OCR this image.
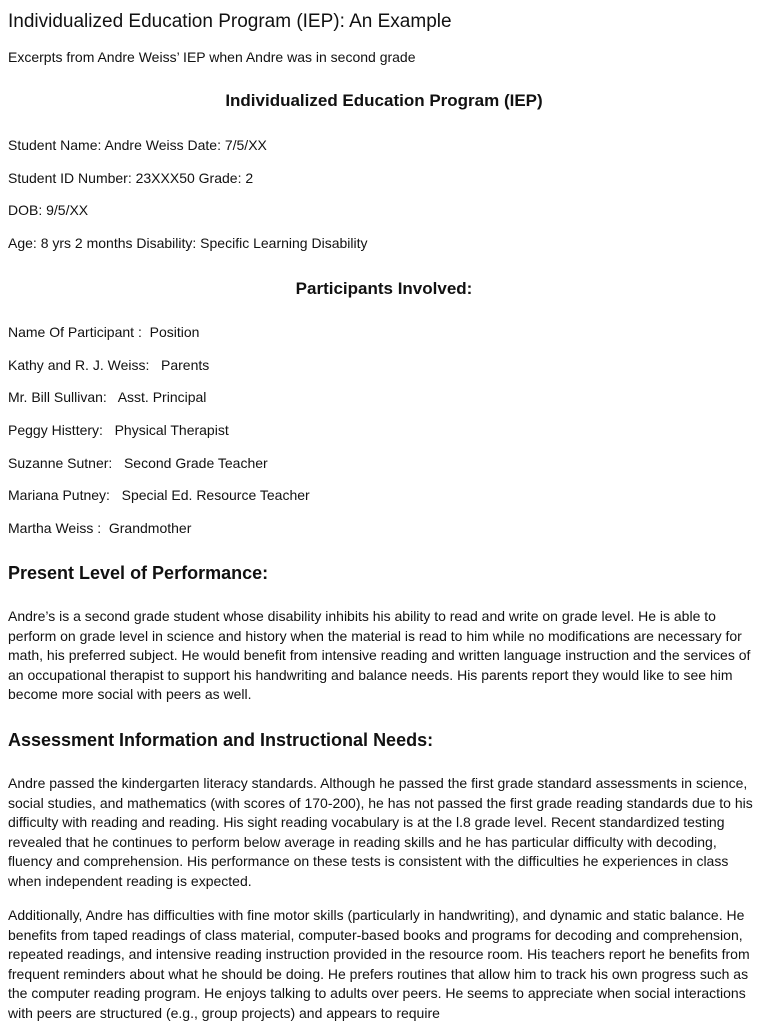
Individualized Education Program (IEP): An Example

Excerpts from Andre Weiss’ IEP when Andre was in second grade

Individualized Education Program (IEP)

Student Name: Andre Weiss Date: 7/5/XX

Student ID Number: 23XXX50 Grade: 2

DOB: 9/5/XX

Age: 8 yrs 2 months Disability: Specific Learning Disability

Participants Involved:

Name Of Participant :  Position

Kathy and R. J. Weiss:   Parents

Mr. Bill Sullivan:   Asst. Principal

Peggy Histtery:   Physical Therapist

Suzanne Sutner:   Second Grade Teacher

Mariana Putney:   Special Ed. Resource Teacher

Martha Weiss :  Grandmother

Present Level of Performance:

Andre’s is a second grade student whose disability inhibits his ability to read and write on grade level. He is able to perform on grade level in science and history when the material is read to him while no modifications are necessary for math, his preferred subject. He would benefit from intensive reading and written language instruction and the services of an occupational therapist to support his handwriting and balance needs. His parents report they would like to see him become more social with peers as well.

Assessment Information and Instructional Needs:

Andre passed the kindergarten literacy standards. Although he passed the first grade standard assessments in science, social studies, and mathematics (with scores of 170-200), he has not passed the first grade reading standards due to his difficulty with reading and reading. His sight reading vocabulary is at the l.8 grade level. Recent standardized testing revealed that he continues to perform below average in reading skills and he has particular difficulty with decoding, fluency and comprehension. His performance on these tests is consistent with the difficulties he experiences in class when independent reading is expected.

Additionally, Andre has difficulties with fine motor skills (particularly in handwriting), and dynamic and static balance. He benefits from taped readings of class material, computer-based books and programs for decoding and comprehension, repeated readings, and intensive reading instruction provided in the resource room. His teachers report he benefits from frequent reminders about what he should be doing. He prefers routines that allow him to track his own progress such as the computer reading program. He enjoys talking to adults over peers. He seems to appreciate when social interactions with peers are structured (e.g., group projects) and appears to require
